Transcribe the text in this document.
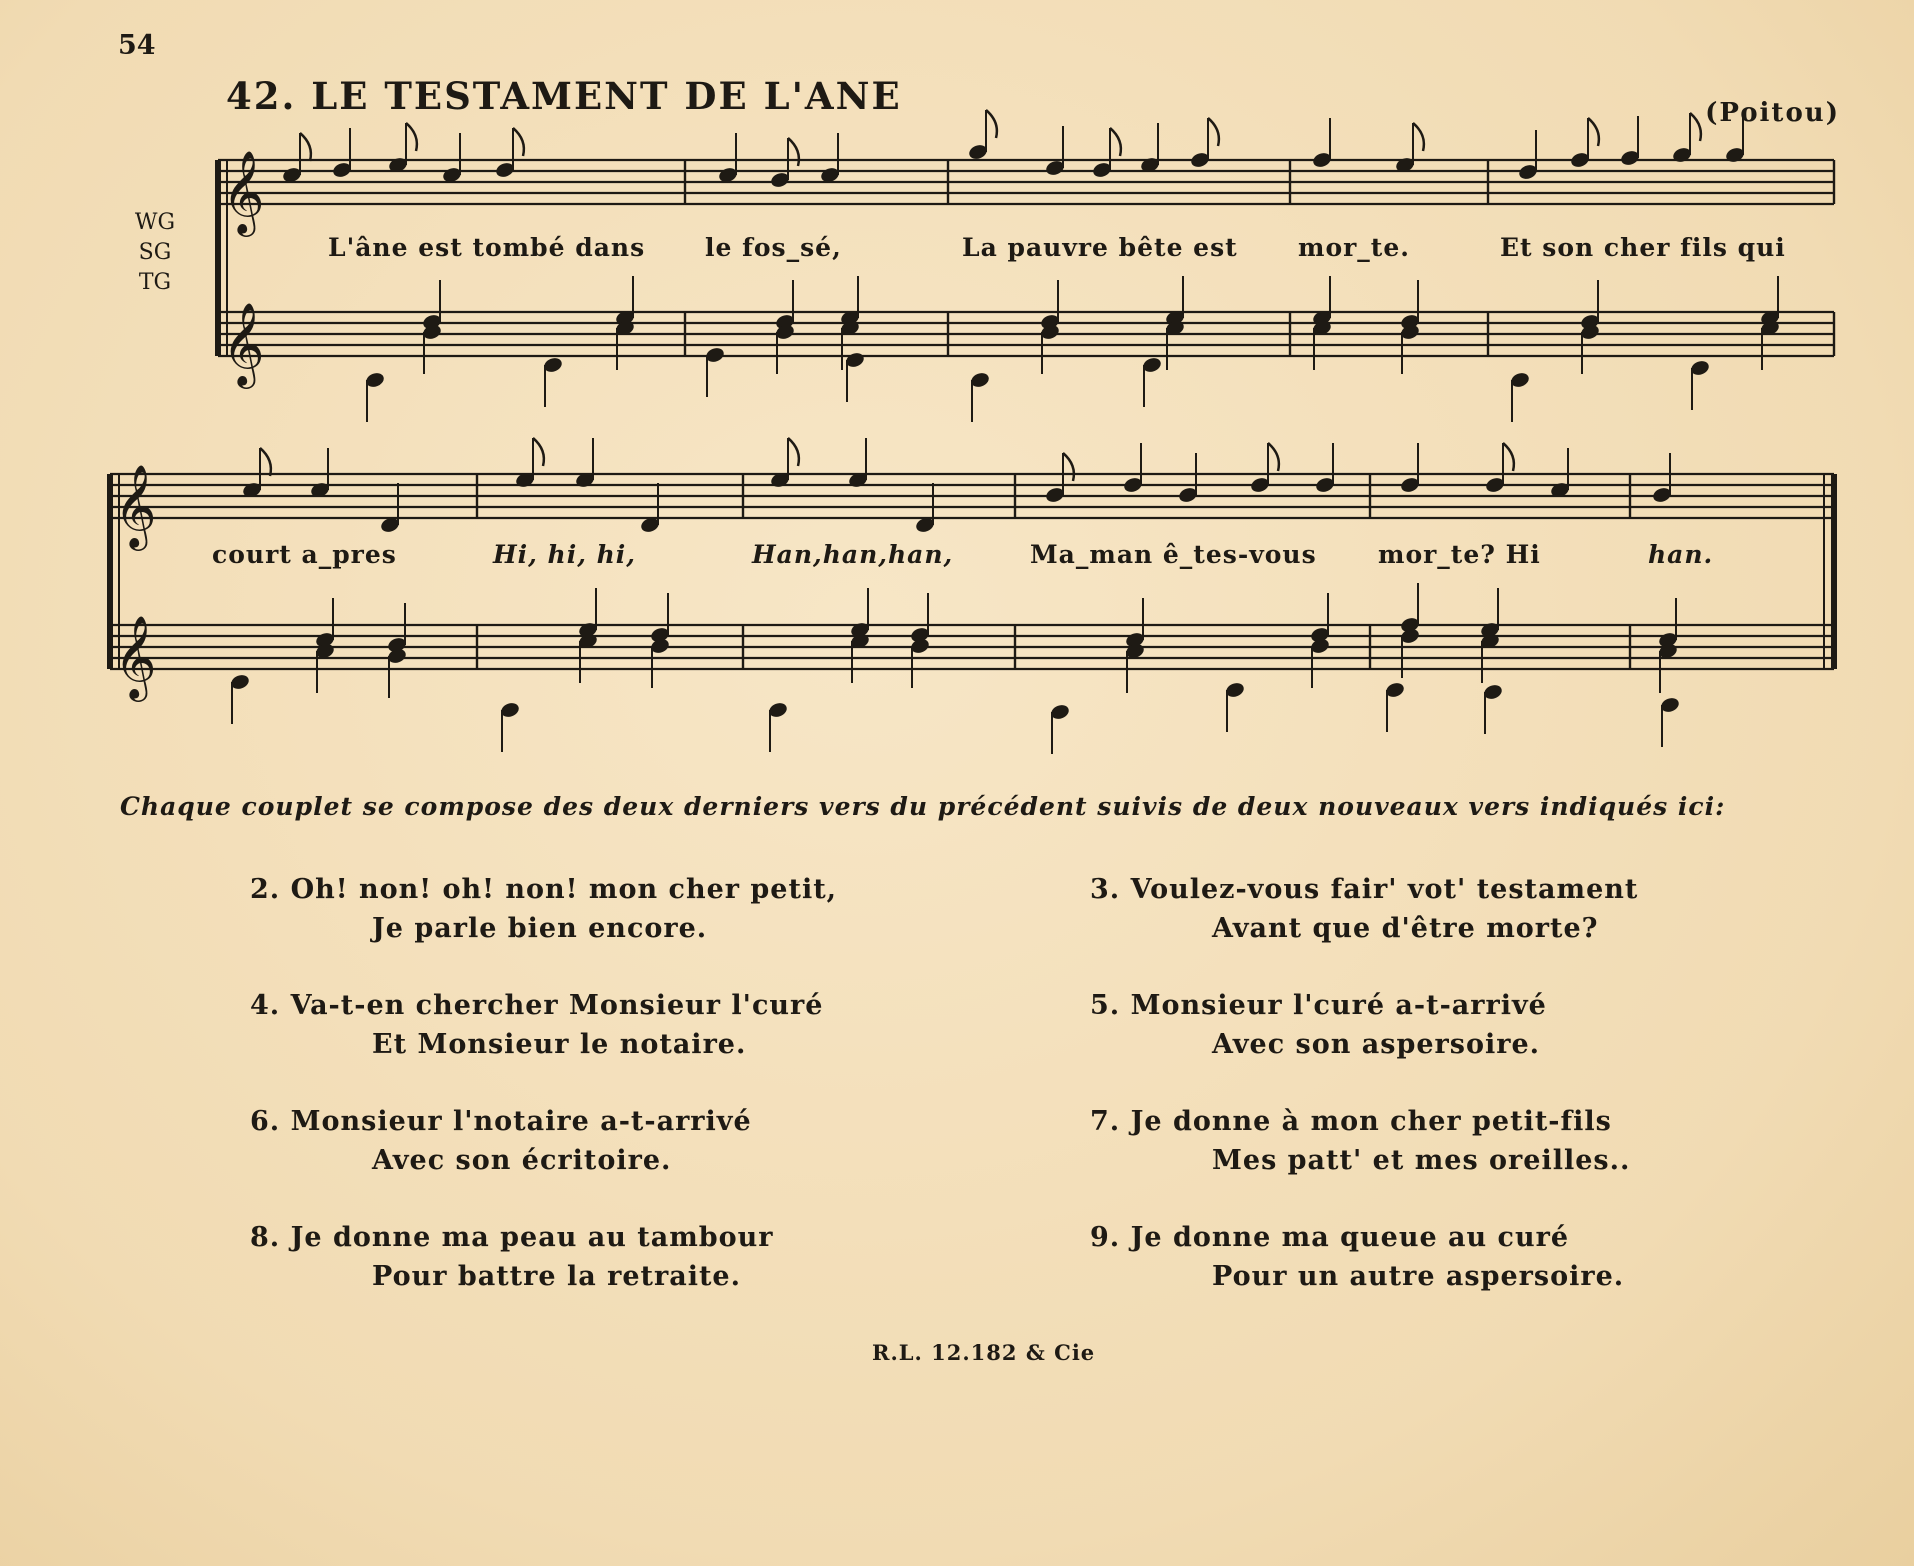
54
42. LE TESTAMENT DE L'ANE	(Poitou)
WG
SG
TG
𝄞
𝄞
𝄞
𝄞
L'âne est tombé dans le fos_sé,	La pauvre bête est mor_te.	Et son cher fils qui
court a_pres	Hi, hi, hi,	Han,han,han,	Ma_man ê_tes-vous mor_te? Hi	han.
Chaque couplet se compose des deux derniers vers du précédent suivis de deux nouveaux vers indiqués ici:
2. Oh! non! oh! non! mon cher petit,
Je parle bien encore.
3. Voulez-vous fair' vot' testament
Avant que d'être morte?
4. Va-t-en chercher Monsieur l'curé
Et Monsieur le notaire.
5. Monsieur l'curé a-t-arrivé
Avec son aspersoire.
6. Monsieur l'notaire a-t-arrivé
Avec son écritoire.
7. Je donne à mon cher petit-fils
Mes patt' et mes oreilles..
8. Je donne ma peau au tambour
Pour battre la retraite.
9. Je donne ma queue au curé
Pour un autre aspersoire.
R.L. 12.182 & Cie
